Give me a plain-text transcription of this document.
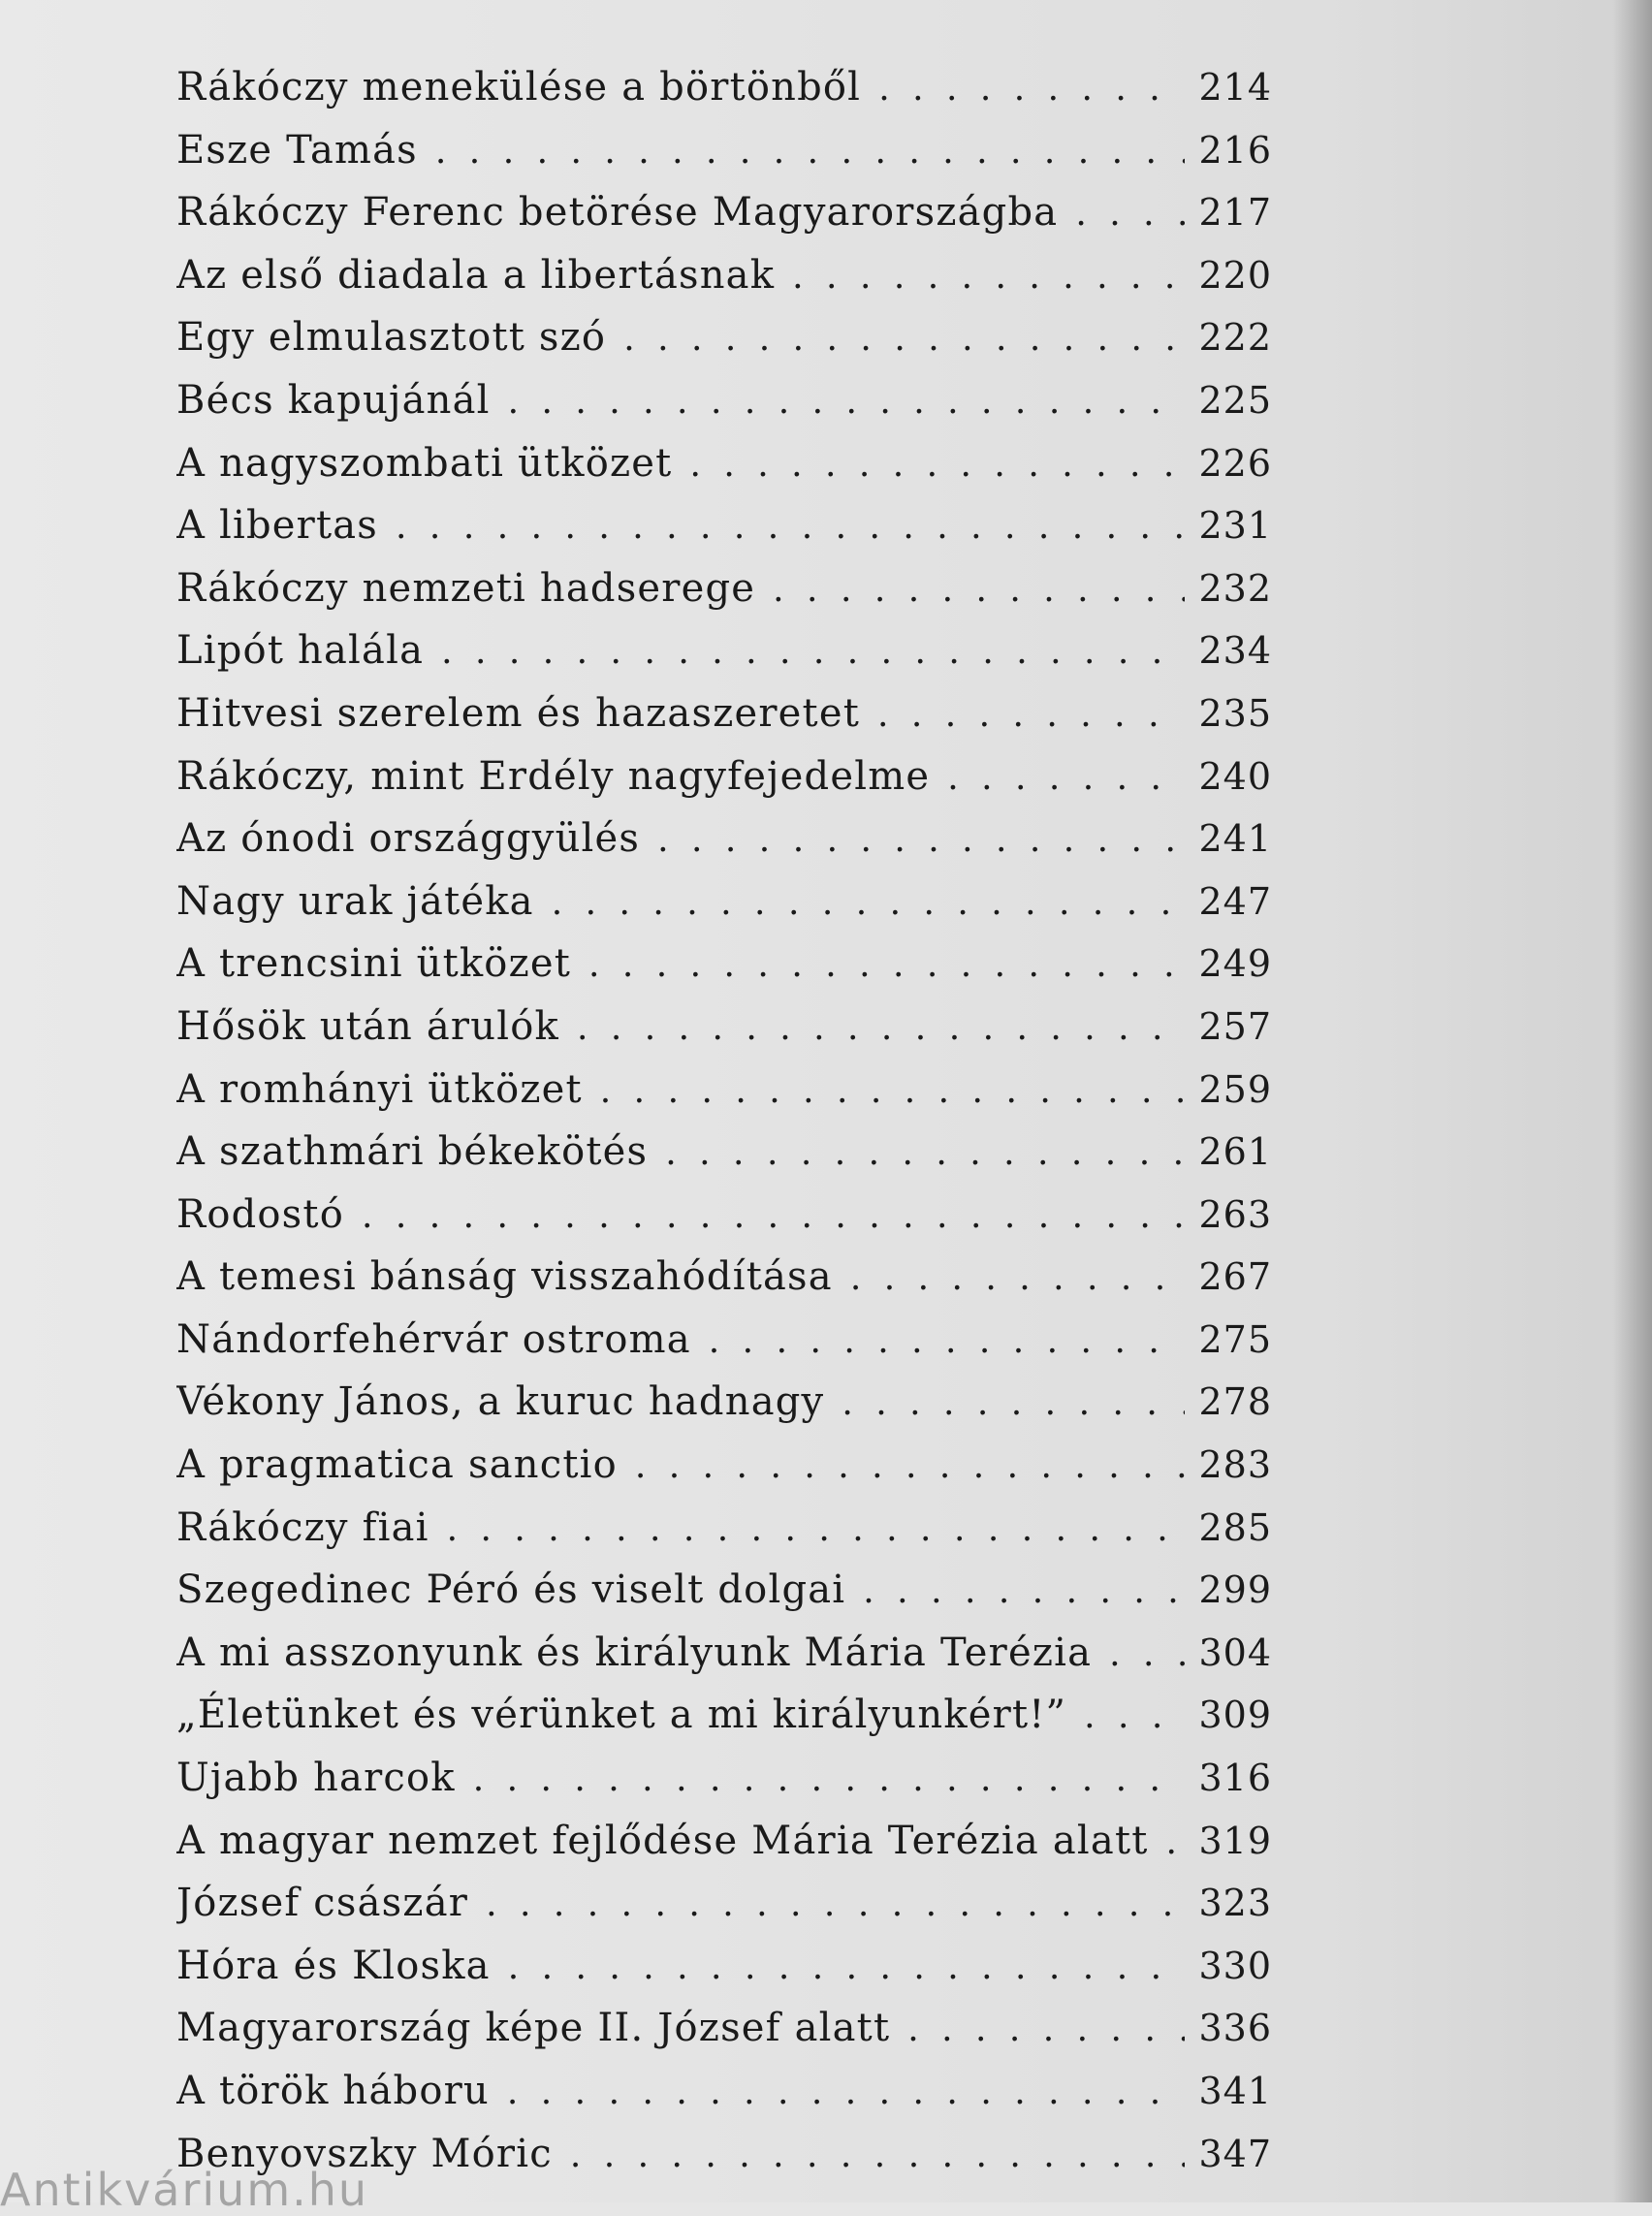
Rákóczy menekülése a börtönből . . .	214
Esze Tamás . . .	216
Rákóczy Ferenc betörése Magyarországba . . .	217
Az első diadala a libertásnak . . .	220
Egy elmulasztott szó . . .	222
Bécs kapujánál . . .	225
A nagyszombati ütközet . . .	226
A libertas . . .	231
Rákóczy nemzeti hadserege . . .	232
Lipót halála . . .	234
Hitvesi szerelem és hazaszeretet . . .	235
Rákóczy, mint Erdély nagyfejedelme . . .	240
Az ónodi országgyülés . . .	241
Nagy urak játéka . . .	247
A trencsini ütközet . . .	249
Hősök után árulók . . .	257
A romhányi ütközet . . .	259
A szathmári békekötés . . .	261
Rodostó . . .	263
A temesi bánság visszahódítása . . .	267
Nándorfehérvár ostroma . . .	275
Vékony János, a kuruc hadnagy . . .	278
A pragmatica sanctio . . .	283
Rákóczy fiai . . .	285
Szegedinec Péró és viselt dolgai . . .	299
A mi asszonyunk és királyunk Mária Terézia . . .	304
„Életünket és vérünket a mi királyunkért!” . . .	309
Ujabb harcok . . .	316
A magyar nemzet fejlődése Mária Terézia alatt . . .	319
József császár . . .	323
Hóra és Kloska . . .	330
Magyarország képe II. József alatt . . .	336
A török háboru . . .	341
Benyovszky Móric . . .	347
Antikvárium.hu
